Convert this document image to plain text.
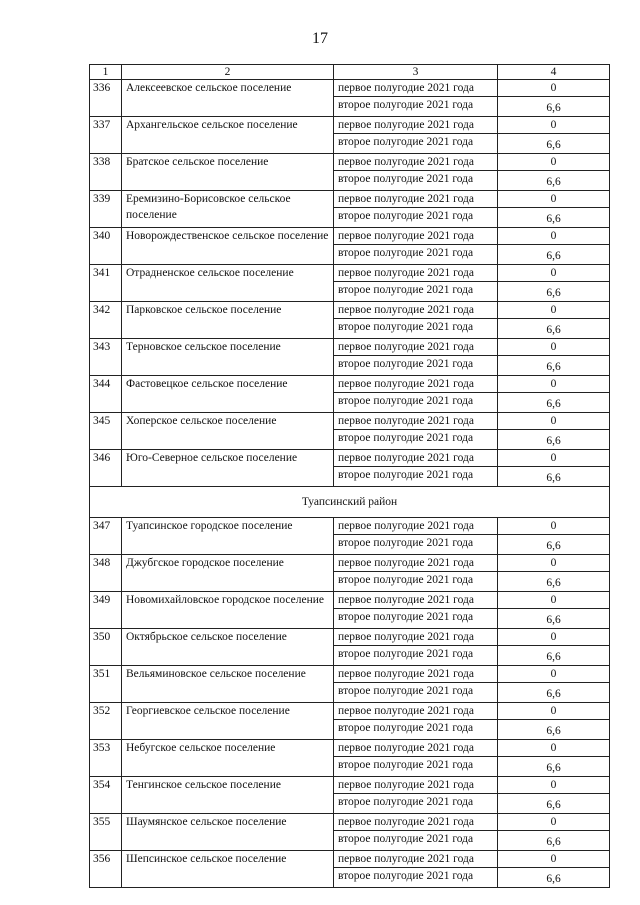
17
1	2	3	4
336	Алексеевское сельское поселение	первое полугодие 2021 года	0
		второе полугодие 2021 года	6,6
337	Архангельское сельское поселение	первое полугодие 2021 года	0
		второе полугодие 2021 года	6,6
338	Братское сельское поселение	первое полугодие 2021 года	0
		второе полугодие 2021 года	6,6
339	Еремизино-Борисовское сельское поселение	первое полугодие 2021 года	0
		второе полугодие 2021 года	6,6
340	Новорождественское сельское поселение	первое полугодие 2021 года	0
		второе полугодие 2021 года	6,6
341	Отрадненское сельское поселение	первое полугодие 2021 года	0
		второе полугодие 2021 года	6,6
342	Парковское сельское поселение	первое полугодие 2021 года	0
		второе полугодие 2021 года	6,6
343	Терновское сельское поселение	первое полугодие 2021 года	0
		второе полугодие 2021 года	6,6
344	Фастовецкое сельское поселение	первое полугодие 2021 года	0
		второе полугодие 2021 года	6,6
345	Хоперское сельское поселение	первое полугодие 2021 года	0
		второе полугодие 2021 года	6,6
346	Юго-Северное сельское поселение	первое полугодие 2021 года	0
		второе полугодие 2021 года	6,6
Туапсинский район			
347	Туапсинское городское поселение	первое полугодие 2021 года	0
		второе полугодие 2021 года	6,6
348	Джубгское городское поселение	первое полугодие 2021 года	0
		второе полугодие 2021 года	6,6
349	Новомихайловское городское поселение	первое полугодие 2021 года	0
		второе полугодие 2021 года	6,6
350	Октябрьское сельское поселение	первое полугодие 2021 года	0
		второе полугодие 2021 года	6,6
351	Вельяминовское сельское поселение	первое полугодие 2021 года	0
		второе полугодие 2021 года	6,6
352	Георгиевское сельское поселение	первое полугодие 2021 года	0
		второе полугодие 2021 года	6,6
353	Небугское сельское поселение	первое полугодие 2021 года	0
		второе полугодие 2021 года	6,6
354	Тенгинское сельское поселение	первое полугодие 2021 года	0
		второе полугодие 2021 года	6,6
355	Шаумянское сельское поселение	первое полугодие 2021 года	0
		второе полугодие 2021 года	6,6
356	Шепсинское сельское поселение	первое полугодие 2021 года	0
		второе полугодие 2021 года	6,6
